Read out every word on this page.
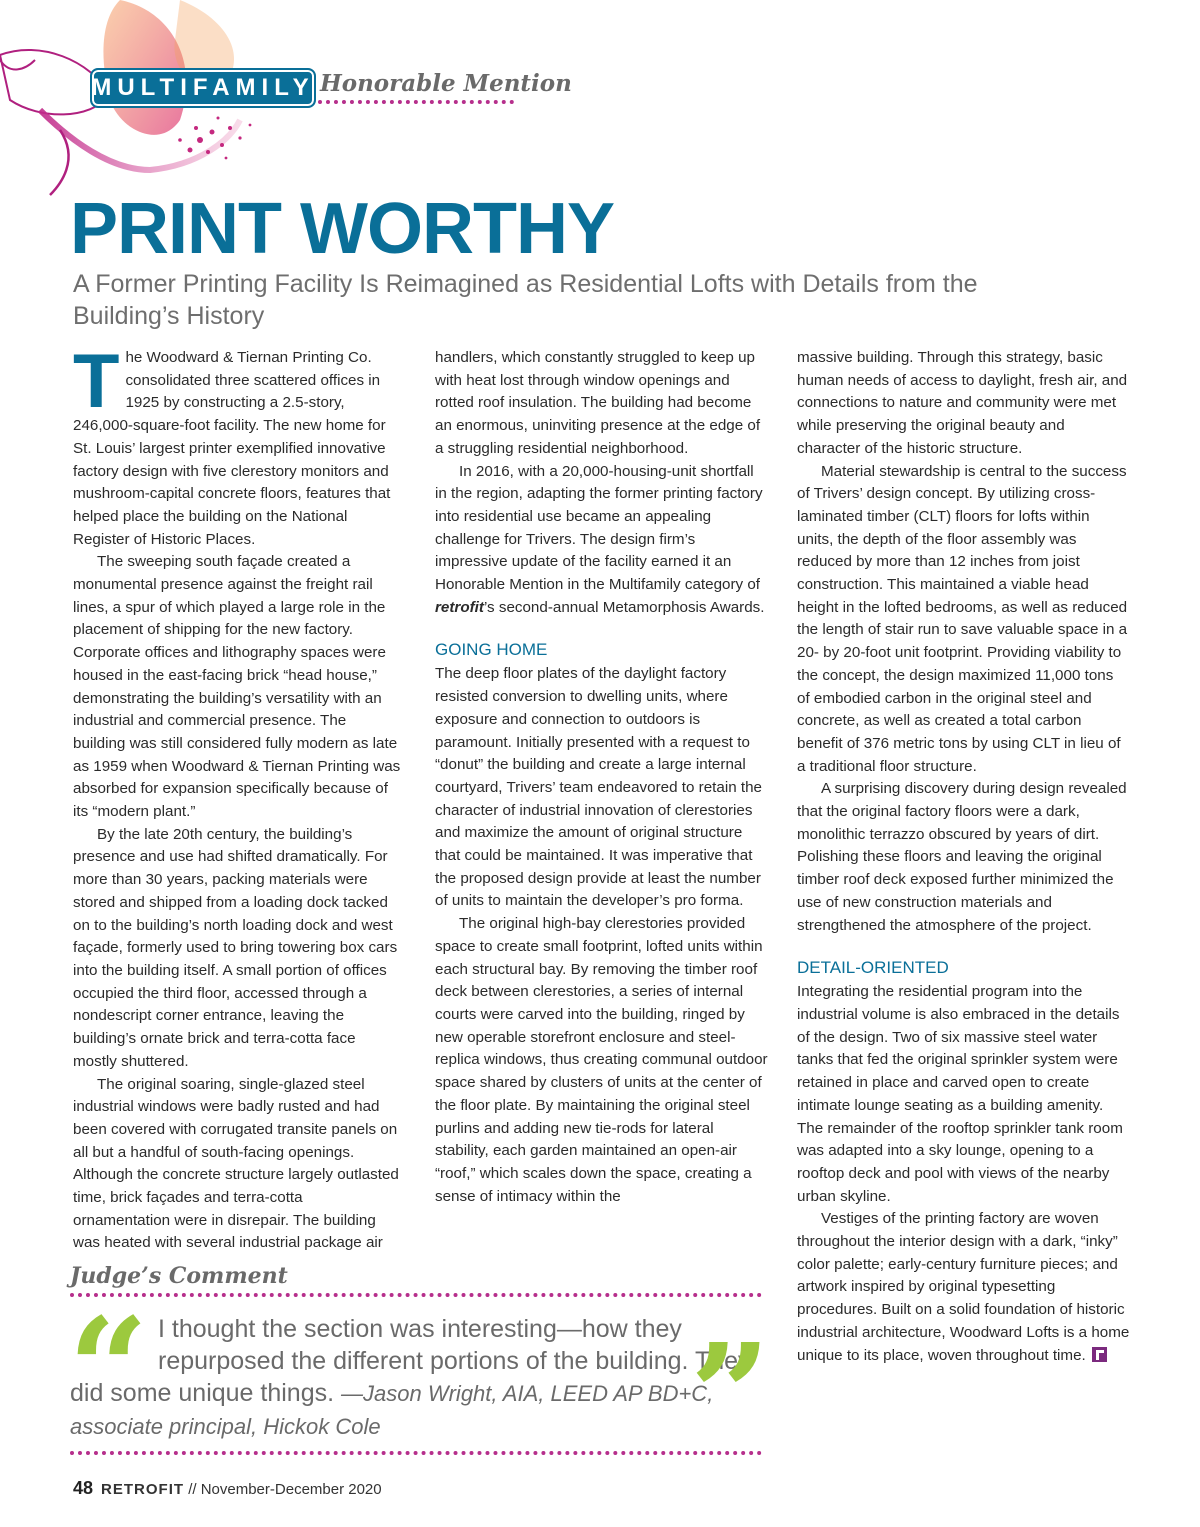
MULTIFAMILY Honorable Mention
PRINT WORTHY

A Former Printing Facility Is Reimagined as Residential Lofts with Details from the Building’s History

The Woodward & Tiernan Printing Co. consolidated three scattered offices in 1925 by constructing a 2.5-story, 246,000-square-foot facility. The new home for St. Louis’ largest printer exemplified innovative factory design with five clerestory monitors and mushroom-capital concrete floors, features that helped place the building on the National Register of Historic Places.

The sweeping south façade created a monumental presence against the freight rail lines, a spur of which played a large role in the placement of shipping for the new factory. Corporate offices and lithography spaces were housed in the east-facing brick “head house,” demonstrating the building’s versatility with an industrial and commercial presence. The building was still considered fully modern as late as 1959 when Woodward & Tiernan Printing was absorbed for expansion specifically because of its “modern plant.”

By the late 20th century, the building’s presence and use had shifted dramatically. For more than 30 years, packing materials were stored and shipped from a loading dock tacked on to the building’s north loading dock and west façade, formerly used to bring towering box cars into the building itself. A small portion of offices occupied the third floor, accessed through a nondescript corner entrance, leaving the building’s ornate brick and terra-cotta face mostly shuttered.

The original soaring, single-glazed steel industrial windows were badly rusted and had been covered with corrugated transite panels on all but a handful of south-facing openings. Although the concrete structure largely outlasted time, brick façades and terra-cotta ornamentation were in disrepair. The building was heated with several industrial package air

handlers, which constantly struggled to keep up with heat lost through window openings and rotted roof insulation. The building had become an enormous, uninviting presence at the edge of a struggling residential neighborhood.

In 2016, with a 20,000-housing-unit shortfall in the region, adapting the former printing factory into residential use became an appealing challenge for Trivers. The design firm’s impressive update of the facility earned it an Honorable Mention in the Multifamily category of retrofit’s second-annual Metamorphosis Awards.

GOING HOME

The deep floor plates of the daylight factory resisted conversion to dwelling units, where exposure and connection to outdoors is paramount. Initially presented with a request to “donut” the building and create a large internal courtyard, Trivers’ team endeavored to retain the character of industrial innovation of clerestories and maximize the amount of original structure that could be maintained. It was imperative that the proposed design provide at least the number of units to maintain the developer’s pro forma.

The original high-bay clerestories provided space to create small footprint, lofted units within each structural bay. By removing the timber roof deck between clerestories, a series of internal courts were carved into the building, ringed by new operable storefront enclosure and steel-replica windows, thus creating communal outdoor space shared by clusters of units at the center of the floor plate. By maintaining the original steel purlins and adding new tie-rods for lateral stability, each garden maintained an open-air “roof,” which scales down the space, creating a sense of intimacy within the

massive building. Through this strategy, basic human needs of access to daylight, fresh air, and connections to nature and community were met while preserving the original beauty and character of the historic structure.

Material stewardship is central to the success of Trivers’ design concept. By utilizing cross-laminated timber (CLT) floors for lofts within units, the depth of the floor assembly was reduced by more than 12 inches from joist construction. This maintained a viable head height in the lofted bedrooms, as well as reduced the length of stair run to save valuable space in a 20- by 20-foot unit footprint. Providing viability to the concept, the design maximized 11,000 tons of embodied carbon in the original steel and concrete, as well as created a total carbon benefit of 376 metric tons by using CLT in lieu of a traditional floor structure.

A surprising discovery during design revealed that the original factory floors were a dark, monolithic terrazzo obscured by years of dirt. Polishing these floors and leaving the original timber roof deck exposed further minimized the use of new construction materials and strengthened the atmosphere of the project.

DETAIL-ORIENTED

Integrating the residential program into the industrial volume is also embraced in the details of the design. Two of six massive steel water tanks that fed the original sprinkler system were retained in place and carved open to create intimate lounge seating as a building amenity. The remainder of the rooftop sprinkler tank room was adapted into a sky lounge, opening to a rooftop deck and pool with views of the nearby urban skyline.

Vestiges of the printing factory are woven throughout the interior design with a dark, “inky” color palette; early-century furniture pieces; and artwork inspired by original typesetting procedures. Built on a solid foundation of historic industrial architecture, Woodward Lofts is a home unique to its place, woven throughout time.

Judge’s Comment
“ I thought the section was interesting—how they repurposed the different portions of the building. They did some unique things. —Jason Wright, AIA, LEED AP BD+C, associate principal, Hickok Cole	”
48 RETROFIT // November-December 2020
